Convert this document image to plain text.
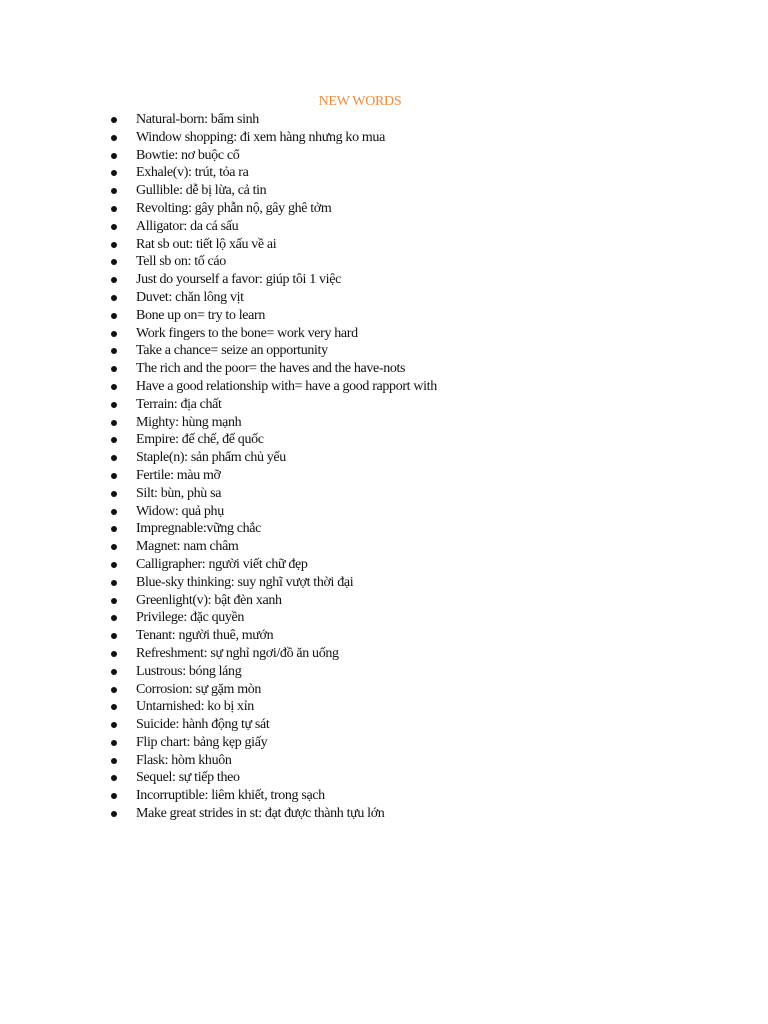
NEW WORDS
Natural-born: bẩm sinh
Window shopping: đi xem hàng nhưng ko mua
Bowtie: nơ buộc cổ
Exhale(v): trút, tỏa ra
Gullible: dễ bị lừa, cả tin
Revolting: gây phẫn nộ, gây ghê tởm
Alligator: da cá sấu
Rat sb out: tiết lộ xấu về ai
Tell sb on: tố cáo
Just do yourself a favor: giúp tôi 1 việc
Duvet: chăn lông vịt
Bone up on= try to learn
Work fingers to the bone= work very hard
Take a chance= seize an opportunity
The rich and the poor= the haves and the have-nots
Have a good relationship with= have a good rapport with
Terrain: địa chất
Mighty: hùng mạnh
Empire: đế chế, đế quốc
Staple(n): sản phẩm chủ yếu
Fertile: màu mỡ
Silt: bùn, phù sa
Widow: quả phụ
Impregnable:vững chắc
Magnet: nam châm
Calligrapher: người viết chữ đẹp
Blue-sky thinking: suy nghĩ vượt thời đại
Greenlight(v): bật đèn xanh
Privilege: đặc quyền
Tenant: người thuê, mướn
Refreshment: sự nghỉ ngơi/đồ ăn uống
Lustrous: bóng láng
Corrosion: sự gặm mòn
Untarnished: ko bị xỉn
Suicide: hành động tự sát
Flip chart: bảng kẹp giấy
Flask: hòm khuôn
Sequel: sự tiếp theo
Incorruptible: liêm khiết, trong sạch
Make great strides in st: đạt được thành tựu lớn
